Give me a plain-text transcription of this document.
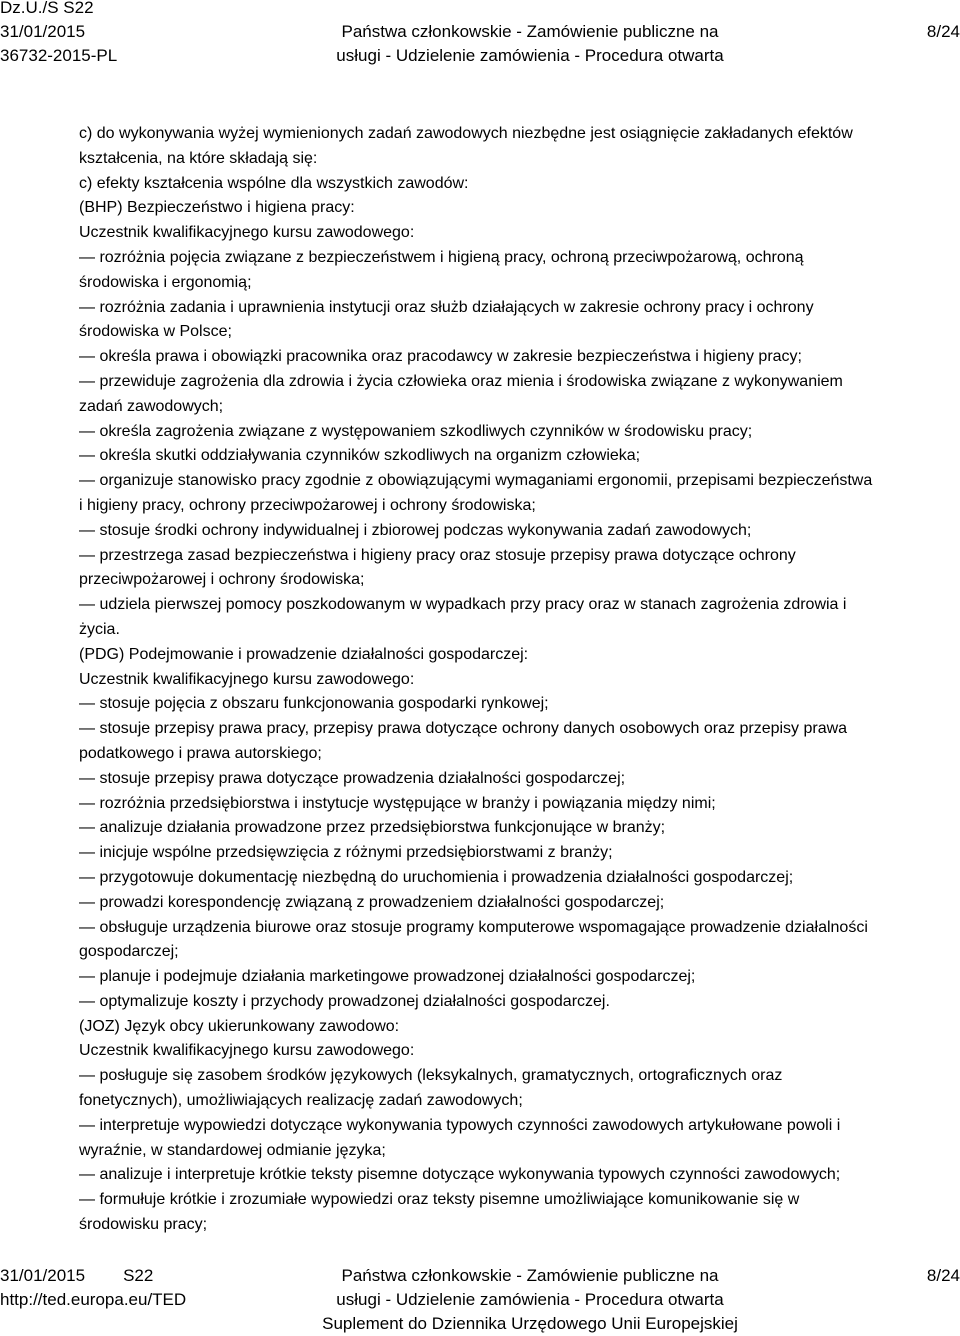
Dz.U./S S22
31/01/2015
36732-2015-PL
Państwa członkowskie - Zamówienie publiczne na
usługi - Udzielenie zamówienia - Procedura otwarta
8/24
c) do wykonywania wyżej wymienionych zadań zawodowych niezbędne jest osiągnięcie zakładanych efektów
kształcenia, na które składają się:
c) efekty kształcenia wspólne dla wszystkich zawodów:
(BHP) Bezpieczeństwo i higiena pracy:
Uczestnik kwalifikacyjnego kursu zawodowego:
— rozróżnia pojęcia związane z bezpieczeństwem i higieną pracy, ochroną przeciwpożarową, ochroną
środowiska i ergonomią;
— rozróżnia zadania i uprawnienia instytucji oraz służb działających w zakresie ochrony pracy i ochrony
środowiska w Polsce;
— określa prawa i obowiązki pracownika oraz pracodawcy w zakresie bezpieczeństwa i higieny pracy;
— przewiduje zagrożenia dla zdrowia i życia człowieka oraz mienia i środowiska związane z wykonywaniem
zadań zawodowych;
— określa zagrożenia związane z występowaniem szkodliwych czynników w środowisku pracy;
— określa skutki oddziaływania czynników szkodliwych na organizm człowieka;
— organizuje stanowisko pracy zgodnie z obowiązującymi wymaganiami ergonomii, przepisami bezpieczeństwa
i higieny pracy, ochrony przeciwpożarowej i ochrony środowiska;
— stosuje środki ochrony indywidualnej i zbiorowej podczas wykonywania zadań zawodowych;
— przestrzega zasad bezpieczeństwa i higieny pracy oraz stosuje przepisy prawa dotyczące ochrony
przeciwpożarowej i ochrony środowiska;
— udziela pierwszej pomocy poszkodowanym w wypadkach przy pracy oraz w stanach zagrożenia zdrowia i
życia.
(PDG) Podejmowanie i prowadzenie działalności gospodarczej:
Uczestnik kwalifikacyjnego kursu zawodowego:
— stosuje pojęcia z obszaru funkcjonowania gospodarki rynkowej;
— stosuje przepisy prawa pracy, przepisy prawa dotyczące ochrony danych osobowych oraz przepisy prawa
podatkowego i prawa autorskiego;
— stosuje przepisy prawa dotyczące prowadzenia działalności gospodarczej;
— rozróżnia przedsiębiorstwa i instytucje występujące w branży i powiązania między nimi;
— analizuje działania prowadzone przez przedsiębiorstwa funkcjonujące w branży;
— inicjuje wspólne przedsięwzięcia z różnymi przedsiębiorstwami z branży;
— przygotowuje dokumentację niezbędną do uruchomienia i prowadzenia działalności gospodarczej;
— prowadzi korespondencję związaną z prowadzeniem działalności gospodarczej;
— obsługuje urządzenia biurowe oraz stosuje programy komputerowe wspomagające prowadzenie działalności
gospodarczej;
— planuje i podejmuje działania marketingowe prowadzonej działalności gospodarczej;
— optymalizuje koszty i przychody prowadzonej działalności gospodarczej.
(JOZ) Język obcy ukierunkowany zawodowo:
Uczestnik kwalifikacyjnego kursu zawodowego:
— posługuje się zasobem środków językowych (leksykalnych, gramatycznych, ortograficznych oraz
fonetycznych), umożliwiających realizację zadań zawodowych;
— interpretuje wypowiedzi dotyczące wykonywania typowych czynności zawodowych artykułowane powoli i
wyraźnie, w standardowej odmianie języka;
— analizuje i interpretuje krótkie teksty pisemne dotyczące wykonywania typowych czynności zawodowych;
— formułuje krótkie i zrozumiałe wypowiedzi oraz teksty pisemne umożliwiające komunikowanie się w
środowisku pracy;
31/01/2015 S22
http://ted.europa.eu/TED
Państwa członkowskie - Zamówienie publiczne na
usługi - Udzielenie zamówienia - Procedura otwarta
Suplement do Dziennika Urzędowego Unii Europejskiej
8/24
